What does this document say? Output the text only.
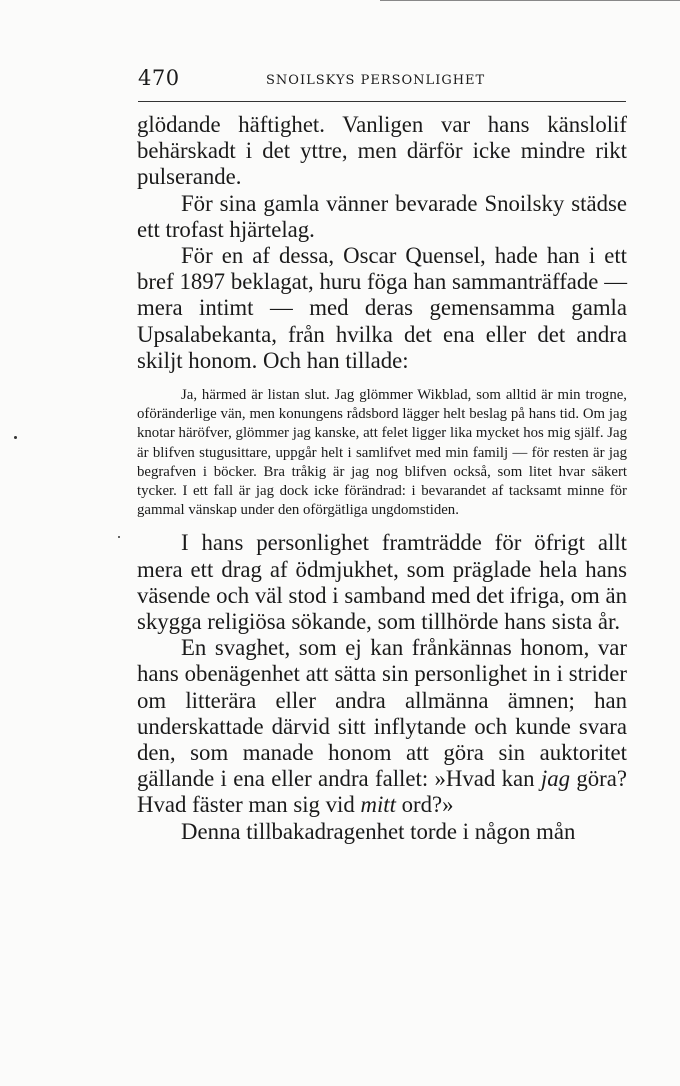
470	SNOILSKYS PERSONLIGHET

glödande häftighet. Vanligen var hans känslolif behärskadt i det yttre, men därför icke mindre rikt pulserande.

För sina gamla vänner bevarade Snoilsky städse ett trofast hjärtelag.

För en af dessa, Oscar Quensel, hade han i ett bref 1897 beklagat, huru föga han sammanträffade — mera intimt — med deras gemensamma gamla Upsalabekanta, från hvilka det ena eller det andra skiljt honom. Och han tillade:

Ja, härmed är listan slut. Jag glömmer Wikblad, som alltid är min trogne, oföränderlige vän, men konungens rådsbord lägger helt beslag på hans tid. Om jag knotar häröfver, glömmer jag kanske, att felet ligger lika mycket hos mig själf. Jag är blifven stugusittare, uppgår helt i samlifvet med min familj — för resten är jag begrafven i böcker. Bra tråkig är jag nog blifven också, som litet hvar säkert tycker. I ett fall är jag dock icke förändrad: i bevarandet af tacksamt minne för gammal vänskap under den oförgätliga ungdomstiden.

I hans personlighet framträdde för öfrigt allt mera ett drag af ödmjukhet, som präglade hela hans väsende och väl stod i samband med det ifriga, om än skygga religiösa sökande, som tillhörde hans sista år.

En svaghet, som ej kan frånkännas honom, var hans obenägenhet att sätta sin personlighet in i strider om litterära eller andra allmänna ämnen; han underskattade därvid sitt inflytande och kunde svara den, som manade honom att göra sin auktoritet gällande i ena eller andra fallet: »Hvad kan jag göra? Hvad fäster man sig vid mitt ord?»

Denna tillbakadragenhet torde i någon mån
